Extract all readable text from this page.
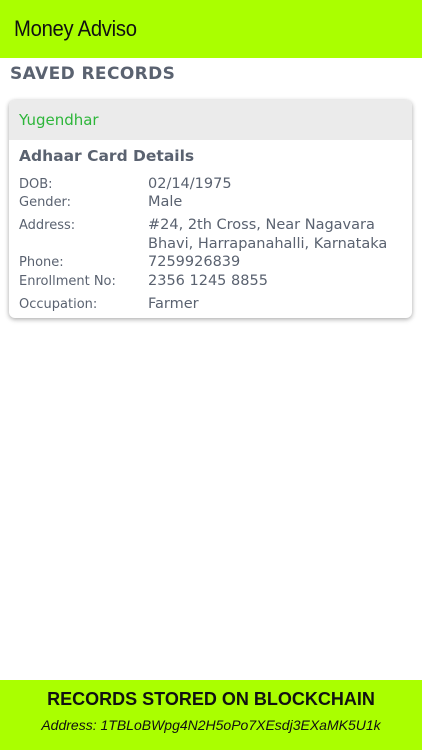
Money Adviso
SAVED RECORDS
Yugendhar
Adhaar Card Details
DOB:	02/14/1975
Gender:	Male
Address:	#24, 2th Cross, Near Nagavara
Bhavi, Harrapanahalli, Karnataka
Phone:	7259926839
Enrollment No: 2356 1245 8855
Occupation:	Farmer
RECORDS STORED ON BLOCKCHAIN
Address: 1TBLoBWpg4N2H5oPo7XEsdj3EXaMK5U1k
